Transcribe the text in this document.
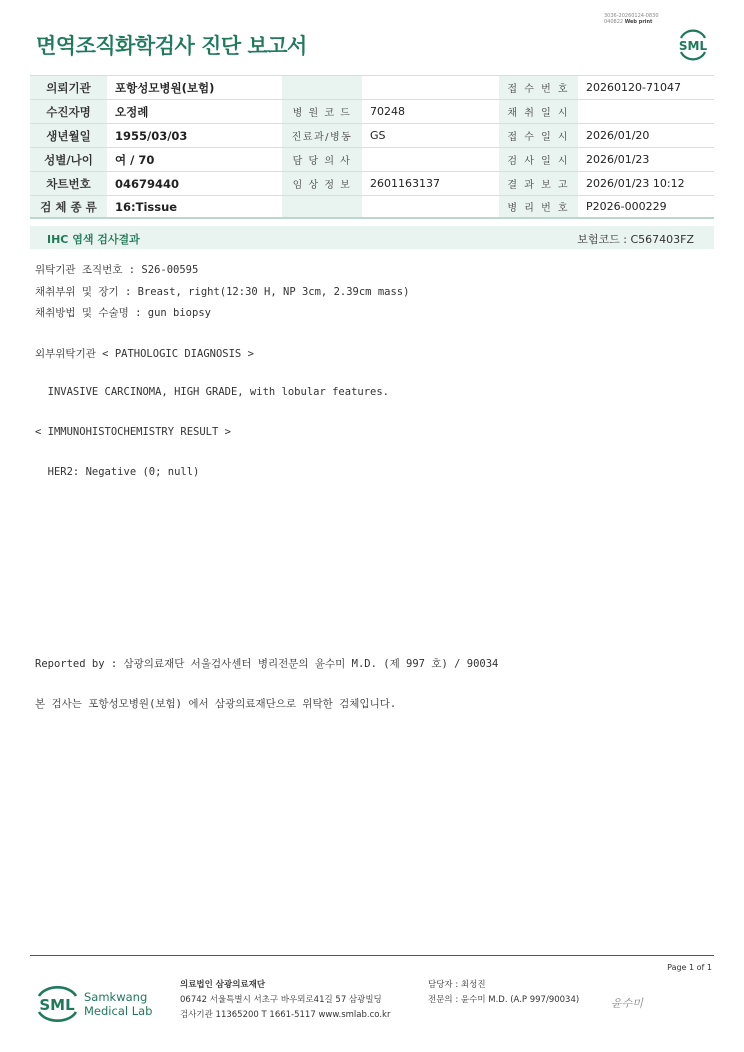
면역조직화학검사 진단 보고서
3036-20260124-0830
040822 Web print
SML
의뢰기관	포항성모병원(보험)			접 수 번 호	20260120-71047
수진자명	오정례	병 원 코 드	70248	채 취 일 시	
생년월일	1955/03/03	진료과/병동	GS	접 수 일 시	2026/01/20
성별/나이	여 / 70	담 당 의 사		검 사 일 시	2026/01/23
차트번호	04679440	임 상 정 보	2601163137	결 과 보 고	2026/01/23 10:12
검 체 종 류	16:Tissue			병 리 번 호	P2026-000229
IHC 염색 검사결과	보험코드 : C567403FZ
위탁기관 조직번호 : S26-00595
채취부위 및 장기 : Breast, right(12:30 H, NP 3cm, 2.39cm mass)
채취방법 및 수술명 : gun biopsy
외부위탁기관 < PATHOLOGIC DIAGNOSIS >
INVASIVE CARCINOMA, HIGH GRADE, with lobular features.
< IMMUNOHISTOCHEMISTRY RESULT >
HER2: Negative (0; null)
Reported by : 삼광의료재단 서울검사센터 병리전문의 윤수미 M.D. (제 997 호) / 90034
본 검사는 포항성모병원(보험) 에서 삼광의료재단으로 위탁한 검체입니다.
Page 1 of 1
SML Samkwang
Medical Lab
의료법인 삼광의료재단
06742 서울특별시 서초구 바우뫼로41길 57 삼광빌딩
검사기관 11365200 T 1661-5117 www.smlab.co.kr
담당자 : 최성진
전문의 : 윤수미 M.D. (A.P 997/90034)	윤수미
